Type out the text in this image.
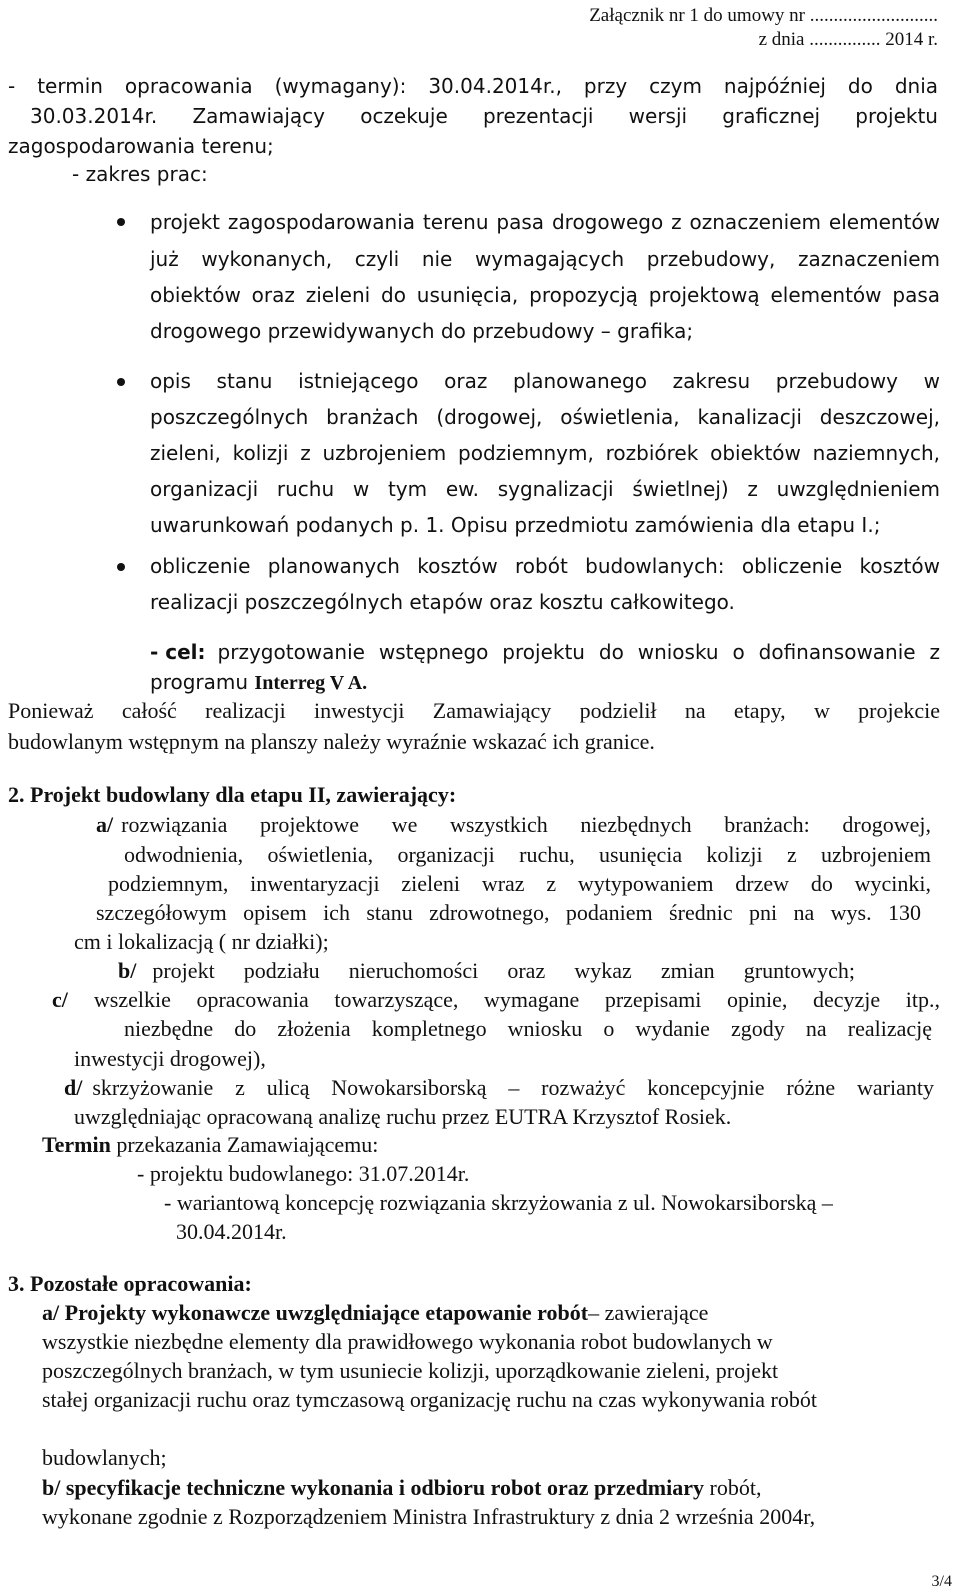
Załącznik nr 1 do umowy nr ...........................
z dnia ............... 2014 r.
- termin opracowania (wymagany): 30.04.2014r., przy czym najpóźniej do dnia
30.03.2014r. Zamawiający oczekuje prezentacji wersji graficznej projektu
zagospodarowania terenu;
- zakres prac:
projekt zagospodarowania terenu pasa drogowego z oznaczeniem elementów
już wykonanych, czyli nie wymagających przebudowy, zaznaczeniem
obiektów oraz zieleni do usunięcia, propozycją projektową elementów pasa
drogowego przewidywanych do przebudowy – grafika;
opis stanu istniejącego oraz planowanego zakresu przebudowy w
poszczególnych branżach (drogowej, oświetlenia, kanalizacji deszczowej,
zieleni, kolizji z uzbrojeniem podziemnym, rozbiórek obiektów naziemnych,
organizacji ruchu w tym ew. sygnalizacji świetlnej) z uwzględnieniem
uwarunkowań podanych p. 1. Opisu przedmiotu zamówienia dla etapu I.;
obliczenie planowanych kosztów robót budowlanych: obliczenie kosztów
realizacji poszczególnych etapów oraz kosztu całkowitego.
- cel: przygotowanie wstępnego projektu do wniosku o dofinansowanie z
programu Interreg V A.
Ponieważ całość realizacji inwestycji Zamawiający podzielił na etapy, w projekcie
budowlanym wstępnym na planszy należy wyraźnie wskazać ich granice.
2. Projekt budowlany dla etapu II, zawierający:
a/ rozwiązania projektowe we wszystkich niezbędnych branżach: drogowej,
odwodnienia, oświetlenia, organizacji ruchu, usunięcia kolizji z uzbrojeniem
podziemnym, inwentaryzacji zieleni wraz z wytypowaniem drzew do wycinki,
szczegółowym opisem ich stanu zdrowotnego, podaniem średnic pni na wys. 130
cm i lokalizacją ( nr działki);
b/ projekt podziału nieruchomości oraz wykaz zmian gruntowych;
c/ wszelkie opracowania towarzyszące, wymagane przepisami opinie, decyzje itp.,
niezbędne do złożenia kompletnego wniosku o wydanie zgody na realizację
inwestycji drogowej),
d/ skrzyżowanie z ulicą Nowokarsiborską – rozważyć koncepcyjnie różne warianty
uwzględniając opracowaną analizę ruchu przez EUTRA Krzysztof Rosiek.
Termin przekazania Zamawiającemu:
- projektu budowlanego: 31.07.2014r.
- wariantową koncepcję rozwiązania skrzyżowania z ul. Nowokarsiborską –
30.04.2014r.
3. Pozostałe opracowania:
a/ Projekty wykonawcze uwzględniające etapowanie robót– zawierające
wszystkie niezbędne elementy dla prawidłowego wykonania robot budowlanych w
poszczególnych branżach, w tym usuniecie kolizji, uporządkowanie zieleni, projekt
stałej organizacji ruchu oraz tymczasową organizację ruchu na czas wykonywania robót
budowlanych;
b/ specyfikacje techniczne wykonania i odbioru robot oraz przedmiary robót,
wykonane zgodnie z Rozporządzeniem Ministra Infrastruktury z dnia 2 września 2004r,
3/4
